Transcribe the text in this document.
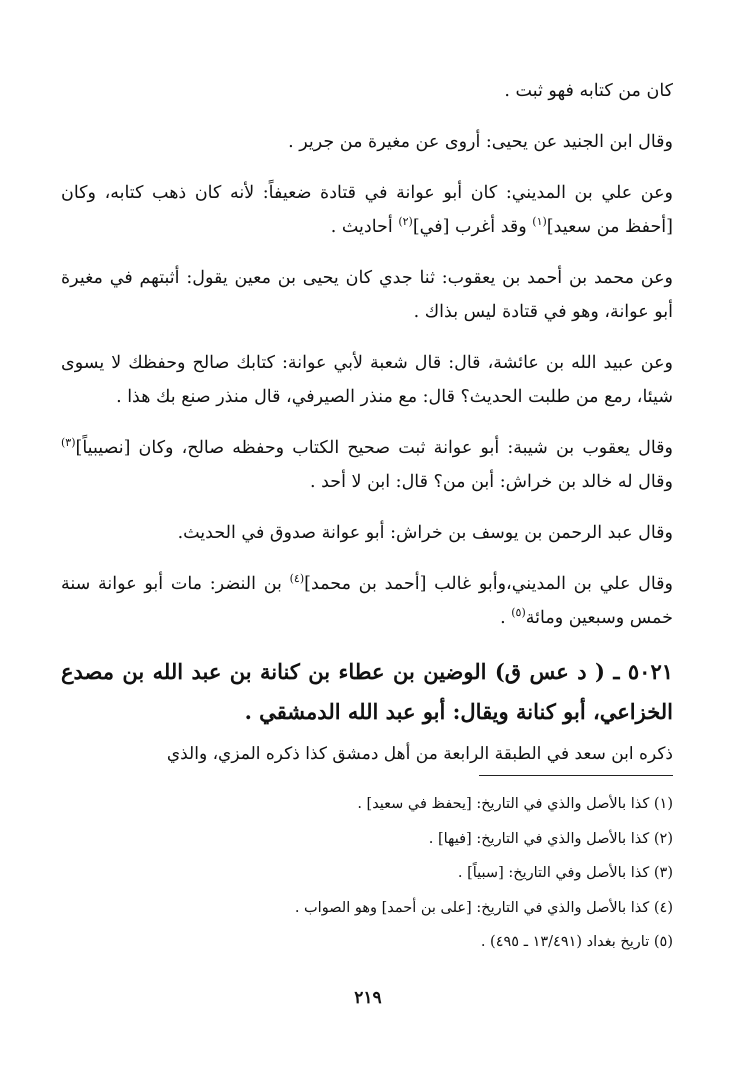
كان من كتابه فهو ثبت .

وقال ابن الجنيد عن يحيى: أروى عن مغيرة من جرير .

وعن علي بن المديني: كان أبو عوانة في قتادة ضعيفاً: لأنه كان ذهب كتابه، وكان [أحفظ من سعيد]$^{(١)}$ وقد أغرب [في]$^{(٢)}$ أحاديث .

وعن محمد بن أحمد بن يعقوب: ثنا جدي كان يحيى بن معين يقول: أثبتهم في مغيرة أبو عوانة، وهو في قتادة ليس بذاك .

وعن عبيد الله بن عائشة، قال: قال شعبة لأبي عوانة: كتابك صالح وحفظك لا يسوى شيئا، رمع من طلبت الحديث؟ قال: مع منذر الصيرفي، قال منذر صنع بك هذا .

وقال يعقوب بن شيبة: أبو عوانة ثبت صحيح الكتاب وحفظه صالح، وكان [نصيبياً]$^{(٣)}$ وقال له خالد بن خراش: أبن من؟ قال: ابن لا أحد .

وقال عبد الرحمن بن يوسف بن خراش: أبو عوانة صدوق في الحديث.

وقال علي بن المديني،وأبو غالب [أحمد بن محمد]$^{(٤)}$ بن النضر: مات أبو عوانة سنة خمس وسبعين ومائة$^{(٥)}$ .

٥٠٢١ ـ ( د عس ق) الوضين بن عطاء بن كنانة بن عبد الله بن مصدع الخزاعي، أبو كنانة ويقال: أبو عبد الله الدمشقي .

ذكره ابن سعد في الطبقة الرابعة من أهل دمشق كذا ذكره المزي، والذي

(١) كذا بالأصل والذي في التاريخ: [يحفظ في سعيد] .

(٢) كذا بالأصل والذي في التاريخ: [فيها] .

(٣) كذا بالأصل وفي التاريخ: [سبياً] .

(٤) كذا بالأصل والذي في التاريخ: [على بن أحمد] وهو الصواب .

(٥) تاريخ بغداد (١٣/٤٩١ ـ ٤٩٥) .

٢١٩
